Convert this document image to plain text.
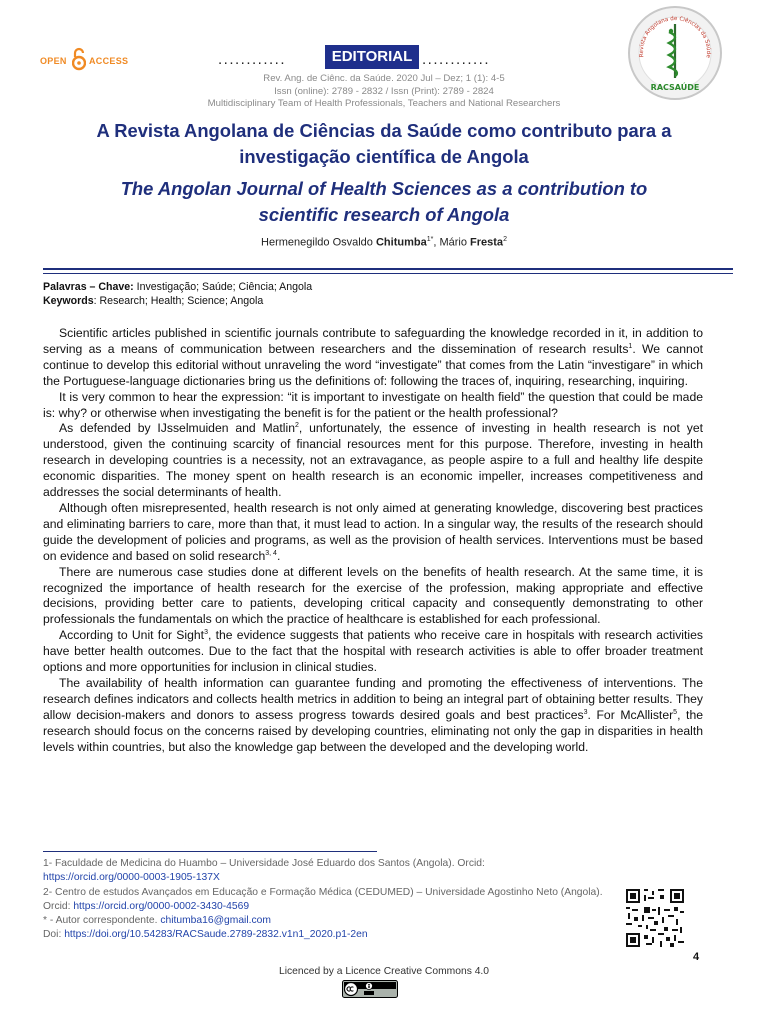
OPEN ACCESS	............	EDITORIAL ............
Rev. Ang. de Ciênc. da Saúde. 2020 Jul – Dez; 1 (1): 4-5
Issn (online): 2789 - 2832 / Issn (Print): 2789 - 2824
Multidisciplinary Team of Health Professionals, Teachers and National Researchers
Revista Angolana de Ciências da Saúde
RACSAÚDE
A Revista Angolana de Ciências da Saúde como contributo para a
investigação científica de Angola
The Angolan Journal of Health Sciences as a contribution to
scientific research of Angola
Hermenegildo Osvaldo Chitumba$^{1*}$, Mário Fresta$^2$
Palavras – Chave: Investigação; Saúde; Ciência; Angola
Keywords: Research; Health; Science; Angola

Scientific articles published in scientific journals contribute to safeguarding the knowledge recorded in it, in addition to serving as a means of communication between researchers and the dissemination of research results$^1$. We cannot continue to develop this editorial without unraveling the word “investigate” that comes from the Latin “investigare” in which the Portuguese-language dictionaries bring us the definitions of: following the traces of, inquiring, researching, inquiring.

It is very common to hear the expression: “it is important to investigate on health field” the question that could be made is: why? or otherwise when investigating the benefit is for the patient or the health professional?

As defended by IJsselmuiden and Matlin$^2$, unfortunately, the essence of investing in health research is not yet understood, given the continuing scarcity of financial resources ment for this purpose. Therefore, investing in health research in developing countries is a necessity, not an extravagance, as people aspire to a full and healthy life despite economic disparities. The money spent on health research is an economic impeller, increases competitiveness and addresses the social determinants of health.

Although often misrepresented, health research is not only aimed at generating knowledge, discovering best practices and eliminating barriers to care, more than that, it must lead to action. In a singular way, the results of the research should guide the development of policies and programs, as well as the provision of health services. Interventions must be based on evidence and based on solid research$^{3, 4}$.

There are numerous case studies done at different levels on the benefits of health research. At the same time, it is recognized the importance of health research for the exercise of the profession, making appropriate and effective decisions, providing better care to patients, developing critical capacity and consequently demonstrating to other professionals the fundamentals on which the practice of healthcare is established for each professional.

According to Unit for Sight$^3$, the evidence suggests that patients who receive care in hospitals with research activities have better health outcomes. Due to the fact that the hospital with research activities is able to offer broader treatment options and more opportunities for inclusion in clinical studies.

The availability of health information can guarantee funding and promoting the effectiveness of interventions. The research defines indicators and collects health metrics in addition to being an integral part of obtaining better results. They allow decision-makers and donors to assess progress towards desired goals and best practices$^3$. For McAllister$^5$, the research should focus on the concerns raised by developing countries, eliminating not only the gap in disparities in health levels within countries, but also the knowledge gap between the developed and the developing world.

1- Faculdade de Medicina do Huambo – Universidade José Eduardo dos Santos (Angola). Orcid:
https://orcid.org/0000-0003-1905-137X

2- Centro de estudos Avançados em Educação e Formação Médica (CEDUMED) – Universidade Agostinho Neto (Angola). Orcid: https://orcid.org/0000-0002-3430-4569

* - Autor correspondente. chitumba16@gmail.com

Doi: https://doi.org/10.54283/RACSaude.2789-2832.v1n1_2020.p1-2en

4
Licenced by a Licence Creative Commons 4.0
